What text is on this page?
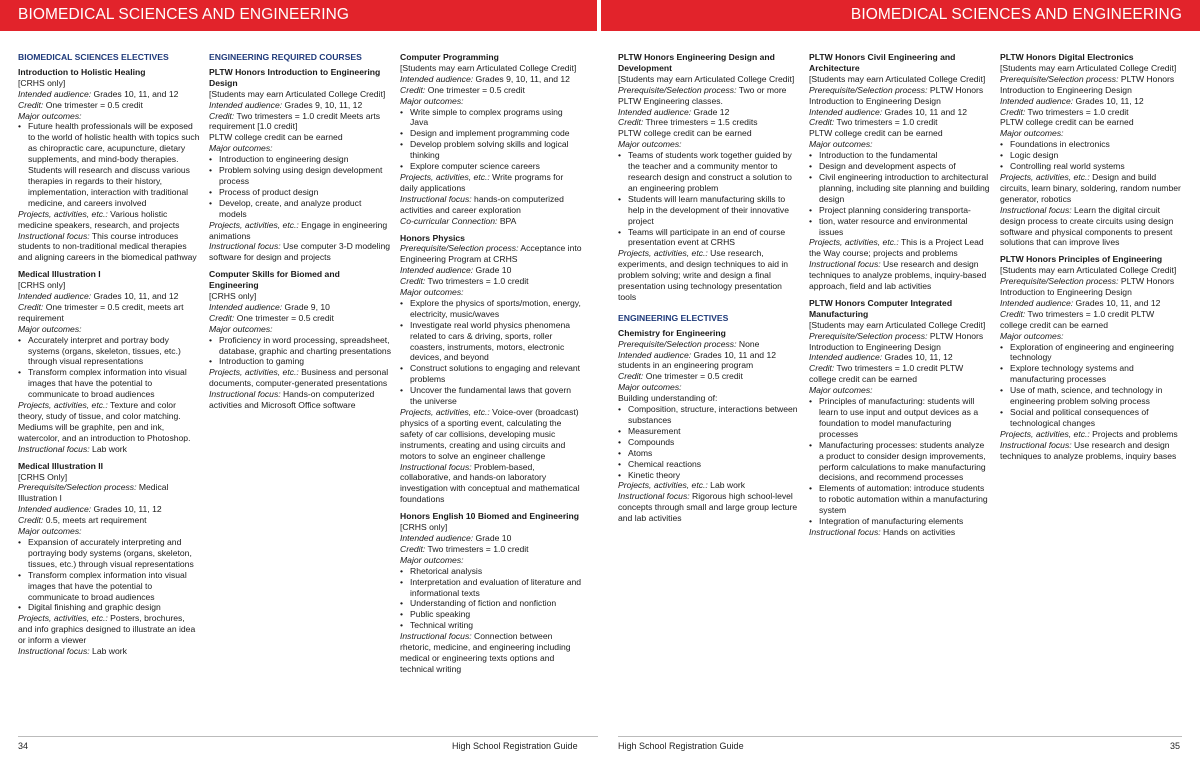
BIOMEDICAL SCIENCES AND ENGINEERING	BIOMEDICAL SCIENCES AND ENGINEERING
BIOMEDICAL SCIENCES ELECTIVES

Introduction to Holistic Healing

[CRHS only]

Intended audience: Grades 10, 11, and 12

Credit: One trimester = 0.5 credit

Major outcomes:

• Future health professionals will be exposed to the world of holistic health with topics such as chiropractic care, acupuncture, dietary supplements, and mind-body therapies. Students will research and discuss various therapies in regards to their history, implementation, interaction with traditional medicine, and careers involved

Projects, activities, etc.: Various holistic medicine speakers, research, and projects

Instructional focus: This course introduces students to non-traditional medical therapies and aligning careers in the biomedical pathway

Medical Illustration I

[CRHS only]

Intended audience: Grades 10, 11, and 12

Credit: One trimester = 0.5 credit, meets art requirement

Major outcomes:

• Accurately interpret and portray body systems (organs, skeleton, tissues, etc.) through visual representations
• Transform complex information into visual images that have the potential to communicate to broad audiences

Projects, activities, etc.: Texture and color theory, study of tissue, and color matching. Mediums will be graphite, pen and ink, watercolor, and an introduction to Photoshop.

Instructional focus: Lab work

Medical Illustration II

[CRHS Only]

Prerequisite/Selection process: Medical Illustration I

Intended audience: Grades 10, 11, 12

Credit: 0.5, meets art requirement

Major outcomes:

• Expansion of accurately interpreting and portraying body systems (organs, skeleton, tissues, etc.) through visual representations
• Transform complex information into visual images that have the potential to communicate to broad audiences
• Digital finishing and graphic design

Projects, activities, etc.: Posters, brochures, and info graphics designed to illustrate an idea or inform a viewer

Instructional focus: Lab work

ENGINEERING REQUIRED COURSES

PLTW Honors Introduction to Engineering Design

[Students may earn Articulated College Credit]

Intended audience: Grades 9, 10, 11, 12

Credit: Two trimesters = 1.0 credit Meets arts requirement [1.0 credit]

PLTW college credit can be earned

Major outcomes:

• Introduction to engineering design
• Problem solving using design development process
• Process of product design
• Develop, create, and analyze product models

Projects, activities, etc.: Engage in engineering animations

Instructional focus: Use computer 3-D modeling software for design and projects

Computer Skills for Biomed and Engineering

[CRHS only]

Intended audience: Grade 9, 10

Credit: One trimester = 0.5 credit

Major outcomes:

• Proficiency in word processing, spreadsheet, database, graphic and charting presentations
• Introduction to gaming

Projects, activities, etc.: Business and personal documents, computer-generated presentations

Instructional focus: Hands-on computerized activities and Microsoft Office software

Computer Programming

[Students may earn Articulated College Credit]

Intended audience: Grades 9, 10, 11, and 12

Credit: One trimester = 0.5 credit

Major outcomes:

• Write simple to complex programs using Java
• Design and implement programming code
• Develop problem solving skills and logical thinking
• Explore computer science careers

Projects, activities, etc.: Write programs for daily applications

Instructional focus: hands-on computerized activities and career exploration

Co-curricular Connection: BPA

Honors Physics

Prerequisite/Selection process: Acceptance into Engineering Program at CRHS

Intended audience: Grade 10

Credit: Two trimesters = 1.0 credit

Major outcomes:

• Explore the physics of sports/motion, energy, electricity, music/waves
• Investigate real world physics phenomena related to cars & driving, sports, roller coasters, instruments, motors, electronic devices, and beyond
• Construct solutions to engaging and relevant problems
• Uncover the fundamental laws that govern the universe

Projects, activities, etc.: Voice-over (broadcast) physics of a sporting event, calculating the safety of car collisions, developing music instruments, creating and using circuits and motors to solve an engineer challenge

Instructional focus: Problem-based, collaborative, and hands-on laboratory investigation with conceptual and mathematical foundations

Honors English 10 Biomed and Engineering

[CRHS only]

Intended audience: Grade 10

Credit: Two trimesters = 1.0 credit

Major outcomes:

• Rhetorical analysis
• Interpretation and evaluation of literature and informational texts
• Understanding of fiction and nonfiction
• Public speaking
• Technical writing

Instructional focus: Connection between rhetoric, medicine, and engineering including medical or engineering texts options and technical writing

PLTW Honors Engineering Design and Development

[Students may earn Articulated College Credit]

Prerequisite/Selection process: Two or more PLTW Engineering classes.

Intended audience: Grade 12

Credit: Three trimesters = 1.5 credits

PLTW college credit can be earned

Major outcomes:

• Teams of students work together guided by the teacher and a community mentor to research design and construct a solution to an engineering problem
• Students will learn manufacturing skills to help in the development of their innovative project
• Teams will participate in an end of course presentation event at CRHS

Projects, activities, etc.: Use research, experiments, and design techniques to aid in problem solving; write and design a final presentation using technology presentation tools

ENGINEERING ELECTIVES

Chemistry for Engineering

Prerequisite/Selection process: None

Intended audience: Grades 10, 11 and 12 students in an engineering program

Credit: One trimester = 0.5 credit

Major outcomes:

Building understanding of:

• Composition, structure, interactions between substances
• Measurement
• Compounds
• Atoms
• Chemical reactions
• Kinetic theory

Projects, activities, etc.: Lab work

Instructional focus: Rigorous high school-level concepts through small and large group lecture and lab activities

PLTW Honors Civil Engineering and Architecture

[Students may earn Articulated College Credit]

Prerequisite/Selection process: PLTW Honors Introduction to Engineering Design

Intended audience: Grades 10, 11 and 12

Credit: Two trimesters = 1.0 credit

PLTW college credit can be earned

Major outcomes:

• Introduction to the fundamental
• Design and development aspects of
• Civil engineering introduction to architectural planning, including site planning and building design
• Project planning considering transporta-
• tion, water resource and environmental issues

Projects, activities, etc.: This is a Project Lead the Way course; projects and problems

Instructional focus: Use research and design techniques to analyze problems, inquiry-based approach, field and lab activities

PLTW Honors Computer Integrated Manufacturing

[Students may earn Articulated College Credit]

Prerequisite/Selection process: PLTW Honors Introduction to Engineering Design

Intended audience: Grades 10, 11, 12

Credit: Two trimesters = 1.0 credit PLTW college credit can be earned

Major outcomes:

• Principles of manufacturing: students will learn to use input and output devices as a foundation to model manufacturing processes
• Manufacturing processes: students analyze a product to consider design improvements, perform calculations to make manufacturing decisions, and recommend processes
• Elements of automation: introduce students to robotic automation within a manufacturing system
• Integration of manufacturing elements

Instructional focus: Hands on activities

PLTW Honors Digital Electronics

[Students may earn Articulated College Credit]

Prerequisite/Selection process: PLTW Honors Introduction to Engineering Design

Intended audience: Grades 10, 11, 12

Credit: Two trimesters = 1.0 credit

PLTW college credit can be earned

Major outcomes:

• Foundations in electronics
• Logic design
• Controlling real world systems

Projects, activities, etc.: Design and build circuits, learn binary, soldering, random number generator, robotics

Instructional focus: Learn the digital circuit design process to create circuits using design software and physical components to present solutions that can improve lives

PLTW Honors Principles of Engineering

[Students may earn Articulated College Credit]

Prerequisite/Selection process: PLTW Honors Introduction to Engineering Design

Intended audience: Grades 10, 11, and 12

Credit: Two trimesters = 1.0 credit PLTW college credit can be earned

Major outcomes:

• Exploration of engineering and engineering technology
• Explore technology systems and manufacturing processes
• Use of math, science, and technology in engineering problem solving process
• Social and political consequences of technological changes

Projects, activities, etc.: Projects and problems

Instructional focus: Use research and design techniques to analyze problems, inquiry bases

34	High School Registration Guide	High School Registration Guide	35
